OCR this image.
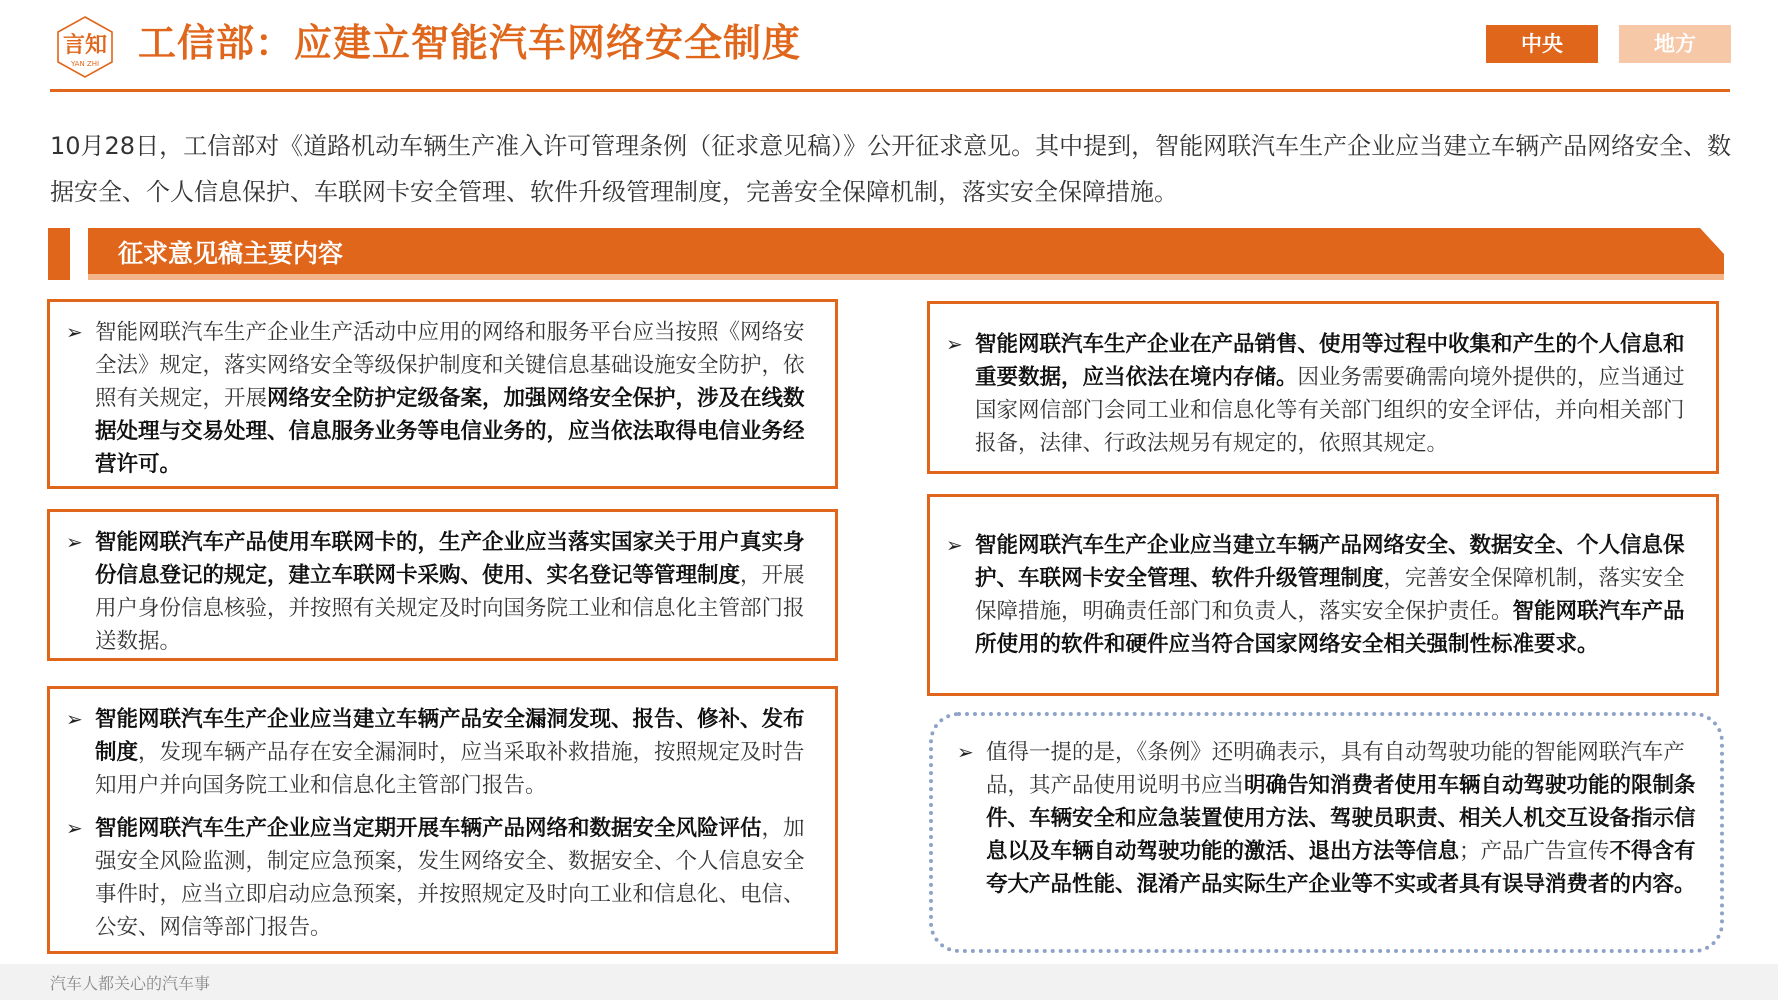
言知
YAN ZHI 工信部：应建立智能汽车网络安全制度	中央	地方
10月28日，工信部对《道路机动车辆生产准入许可管理条例（征求意见稿）》公开征求意见。其中提到，智能网联汽车生产企业应当建立车辆产品网络安全、数据安全、个人信息保护、车联网卡安全管理、软件升级管理制度，完善安全保障机制，落实安全保障措施。
征求意见稿主要内容
➢ 智能网联汽车生产企业生产活动中应用的网络和服务平台应当按照《网络安全法》规定，落实网络安全等级保护制度和关键信息基础设施安全防护，依照有关规定，开展网络安全防护定级备案，加强网络安全保护，涉及在线数据处理与交易处理、信息服务业务等电信业务的，应当依法取得电信业务经营许可。
➢ 智能网联汽车产品使用车联网卡的，生产企业应当落实国家关于用户真实身份信息登记的规定，建立车联网卡采购、使用、实名登记等管理制度，开展用户身份信息核验，并按照有关规定及时向国务院工业和信息化主管部门报送数据。
➢ 智能网联汽车生产企业应当建立车辆产品安全漏洞发现、报告、修补、发布制度，发现车辆产品存在安全漏洞时，应当采取补救措施，按照规定及时告知用户并向国务院工业和信息化主管部门报告。
➢ 智能网联汽车生产企业应当定期开展车辆产品网络和数据安全风险评估，加强安全风险监测，制定应急预案，发生网络安全、数据安全、个人信息安全事件时，应当立即启动应急预案，并按照规定及时向工业和信息化、电信、公安、网信等部门报告。
➢ 智能网联汽车生产企业在产品销售、使用等过程中收集和产生的个人信息和重要数据，应当依法在境内存储。因业务需要确需向境外提供的，应当通过国家网信部门会同工业和信息化等有关部门组织的安全评估，并向相关部门报备，法律、行政法规另有规定的，依照其规定。
➢ 智能网联汽车生产企业应当建立车辆产品网络安全、数据安全、个人信息保护、车联网卡安全管理、软件升级管理制度，完善安全保障机制，落实安全保障措施，明确责任部门和负责人，落实安全保护责任。智能网联汽车产品所使用的软件和硬件应当符合国家网络安全相关强制性标准要求。
➢ 值得一提的是，《条例》还明确表示，具有自动驾驶功能的智能网联汽车产品，其产品使用说明书应当明确告知消费者使用车辆自动驾驶功能的限制条件、车辆安全和应急装置使用方法、驾驶员职责、相关人机交互设备指示信息以及车辆自动驾驶功能的激活、退出方法等信息；产品广告宣传不得含有夸大产品性能、混淆产品实际生产企业等不实或者具有误导消费者的内容。
汽车人都关心的汽车事
